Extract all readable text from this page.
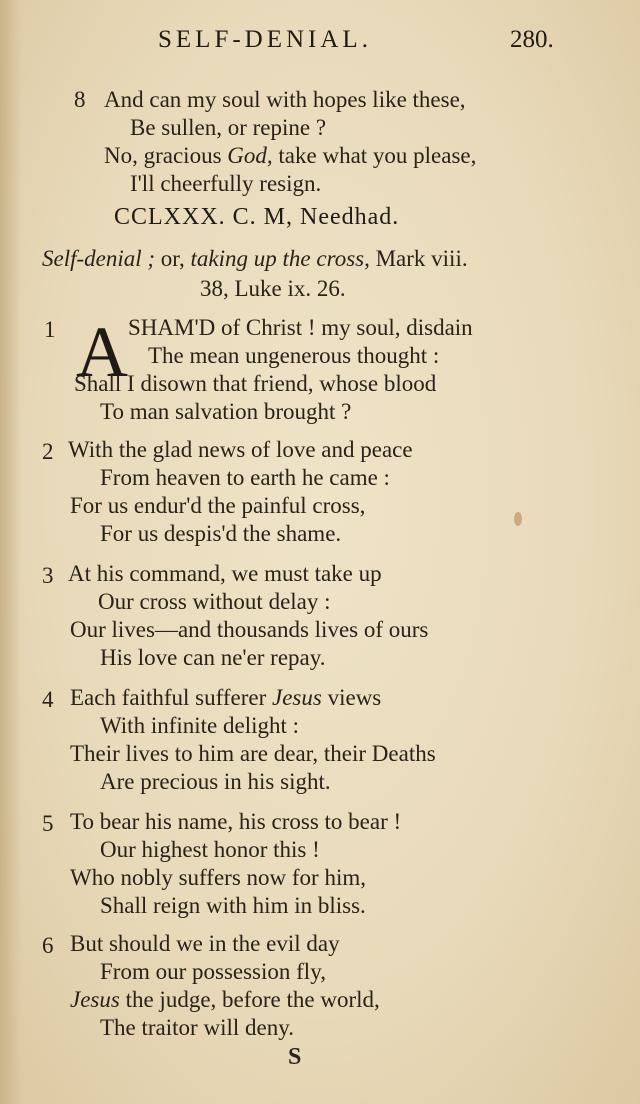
SELF-DENIAL.	280.
8 And can my soul with hopes like these,
Be sullen, or repine ?
No, gracious God, take what you please,
I'll cheerfully resign.
CCLXXX. C. M, Needhad.
Self-denial ; or, taking up the cross, Mark viii.
38, Luke ix. 26.
1 A SHAM'D of Christ ! my soul, disdain
The mean ungenerous thought :
Shall I disown that friend, whose blood
To man salvation brought ?
2 With the glad news of love and peace
From heaven to earth he came :
For us endur'd the painful cross,
For us despis'd the shame.
3 At his command, we must take up
Our cross without delay :
Our lives—and thousands lives of ours
His love can ne'er repay.
4 Each faithful sufferer Jesus views
With infinite delight :
Their lives to him are dear, their Deaths
Are precious in his sight.
5 To bear his name, his cross to bear !
Our highest honor this !
Who nobly suffers now for him,
Shall reign with him in bliss.
6 But should we in the evil day
From our possession fly,
Jesus the judge, before the world,
The traitor will deny.
S
